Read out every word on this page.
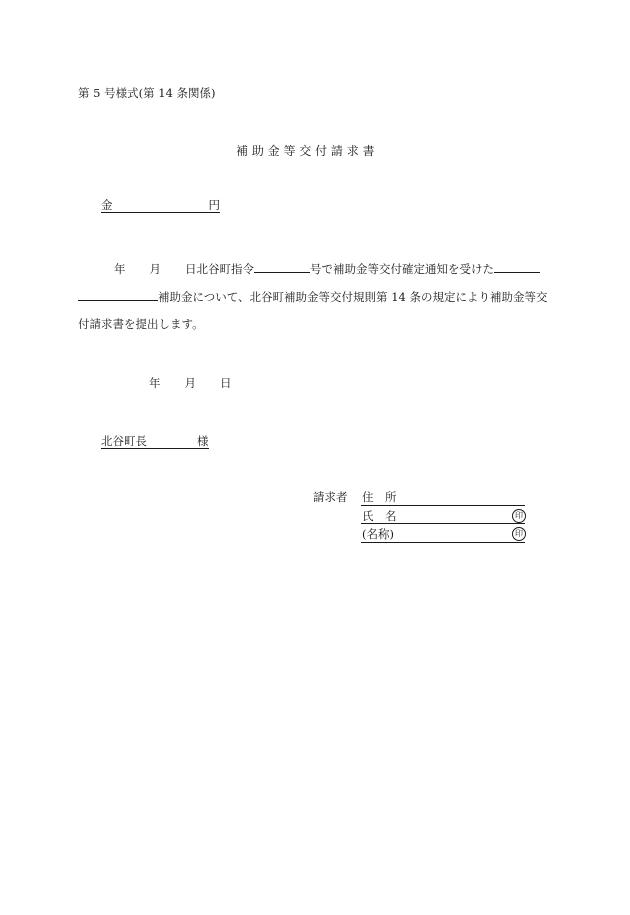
第 5 号様式(第 14 条関係)
補 助 金 等 交 付 請 求 書
金	円
年 月 日北谷町指令	号で補助金等交付確定通知を受けた
補助金について、北谷町補助金等交付規則第 14 条の規定により補助金等交
付請求書を提出します。
年 月 日
北谷町長	様
請求者 住　所
氏　名	印
(名称)	印
